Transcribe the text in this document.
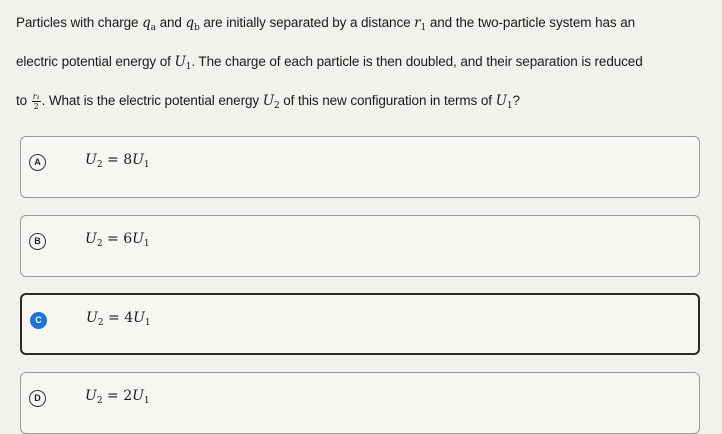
Particles with charge $q_a$ and $q_b$ are initially separated by a distance $r_1$ and the two-particle system has an
electric potential energy of $U_1$. The charge of each particle is then doubled, and their separation is reduced
to $\frac{\text{r₁}}{2}$ . What is the electric potential energy $U_2$ of this new configuration in terms of $U_1$?
A	$U_2 = 8U_1$
B	$U_2 = 6U_1$
C	$U_2 = 4U_1$
D	$U_2 = 2U_1$
